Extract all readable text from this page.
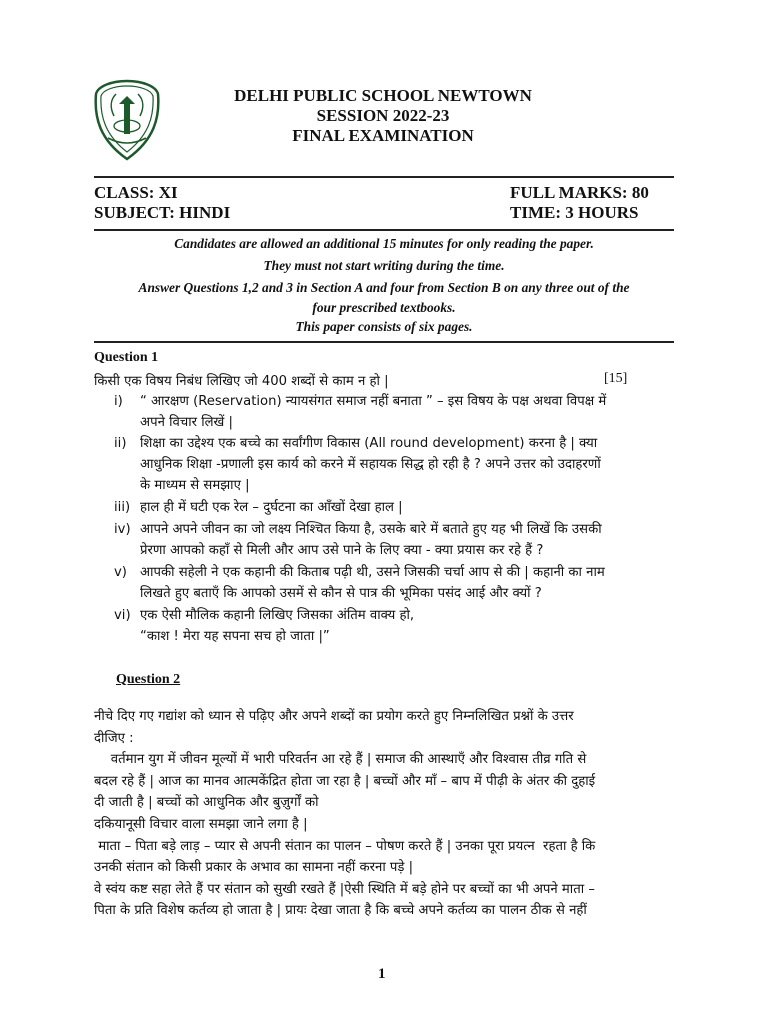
DELHI PUBLIC SCHOOL NEWTOWN
SESSION 2022-23
FINAL EXAMINATION
CLASS: XI	FULL MARKS: 80
SUBJECT: HINDI	TIME: 3 HOURS
Candidates are allowed an additional 15 minutes for only reading the paper.
They must not start writing during the time.
Answer Questions 1,2 and 3 in Section A and four from Section B on any three out of the
four prescribed textbooks.
This paper consists of six pages.
Question 1
किसी एक विषय निबंध लिखिए जो 400 शब्दों से काम न हो |	[15]
i)	“ आरक्षण (Reservation) न्यायसंगत समाज नहीं बनाता ” – इस विषय के पक्ष अथवा विपक्ष में
अपने विचार लिखें |
ii)	शिक्षा का उद्देश्य एक बच्चे का सर्वांगीण विकास (All round development) करना है | क्या
आधुनिक शिक्षा -प्रणाली इस कार्य को करने में सहायक सिद्ध हो रही है ? अपने उत्तर को उदाहरणों
के माध्यम से समझाए |
iii) हाल ही में घटी एक रेल – दुर्घटना का आँखों देखा हाल |
iv) आपने अपने जीवन का जो लक्ष्य निश्चित किया है, उसके बारे में बताते हुए यह भी लिखें कि उसकी
प्रेरणा आपको कहाँ से मिली और आप उसे पाने के लिए क्या - क्या प्रयास कर रहे हैं ?
v) आपकी सहेली ने एक कहानी की किताब पढ़ी थी, उसने जिसकी चर्चा आप से की | कहानी का नाम
लिखते हुए बताएँ कि आपको उसमें से कौन से पात्र की भूमिका पसंद आई और क्यों ?
vi) एक ऐसी मौलिक कहानी लिखिए जिसका अंतिम वाक्य हो,
“काश ! मेरा यह सपना सच हो जाता |”
Question 2
नीचे दिए गए गद्यांश को ध्यान से पढ़िए और अपने शब्दों का प्रयोग करते हुए निम्नलिखित प्रश्नों के उत्तर
दीजिए :
वर्तमान युग में जीवन मूल्यों में भारी परिवर्तन आ रहे हैं | समाज की आस्थाएँ और विश्वास तीव्र गति से
बदल रहे हैं | आज का मानव आत्मकेंद्रित होता जा रहा है | बच्चों और माँ – बाप में पीढ़ी के अंतर की दुहाई
दी जाती है | बच्चों को आधुनिक और बुज़ुर्गों को
दकियानूसी विचार वाला समझा जाने लगा है |
माता – पिता बड़े लाड़ – प्यार से अपनी संतान का पालन – पोषण करते हैं | उनका पूरा प्रयत्न  रहता है कि
उनकी संतान को किसी प्रकार के अभाव का सामना नहीं करना पड़े |
वे स्वंय कष्ट सहा लेते हैं पर संतान को सुखी रखते हैं |ऐसी स्थिति में बड़े होने पर बच्चों का भी अपने माता –
पिता के प्रति विशेष कर्तव्य हो जाता है | प्रायः देखा जाता है कि बच्चे अपने कर्तव्य का पालन ठीक से नहीं
1
